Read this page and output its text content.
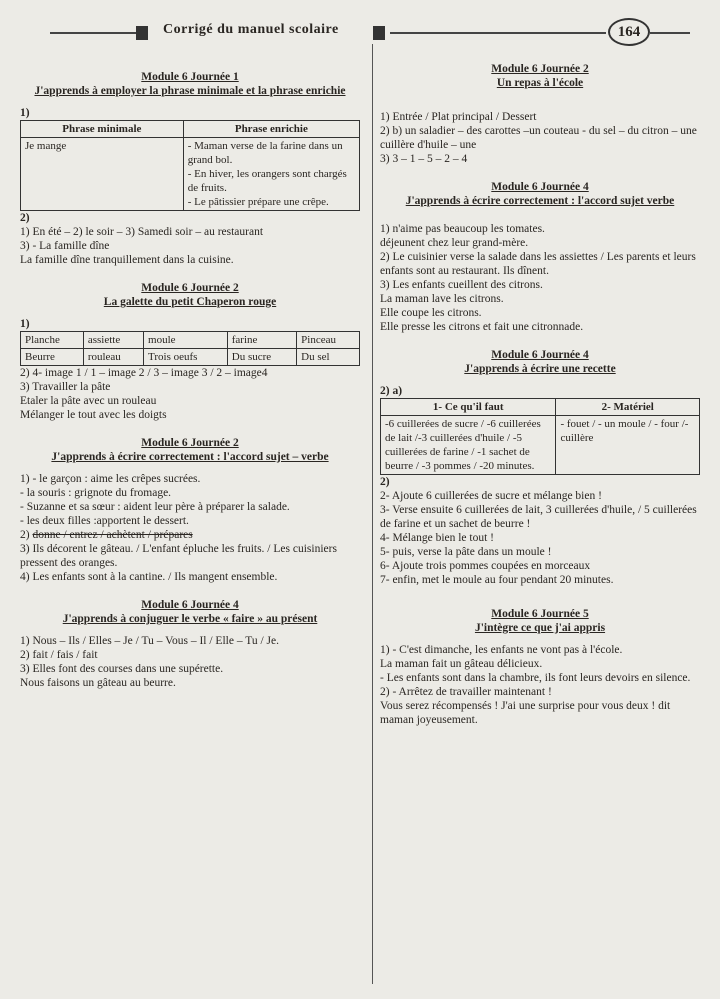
Corrigé du manuel scolaire	164
Module 6 Journée 1
J'apprends à employer la phrase minimale et la phrase enrichie
1)
Phrase minimale	Phrase enrichie
Je mange	- Maman verse de la farine dans un grand bol.
- En hiver, les orangers sont chargés de fruits.
- Le pâtissier prépare une crêpe.
2)
1) En été – 2) le soir – 3) Samedi soir – au restaurant
3) - La famille dîne
La famille dîne tranquillement dans la cuisine.
Module 6 Journée 2
La galette du petit Chaperon rouge
1)
Planche	assiette	moule	farine	Pinceau
Beurre	rouleau	Trois oeufs	Du sucre	Du sel
2) 4- image 1 / 1 – image 2 / 3 – image 3 / 2 – image4
3) Travailler la pâte
Etaler la pâte avec un rouleau
Mélanger le tout avec les doigts
Module 6 Journée 2
J'apprends à écrire correctement : l'accord sujet – verbe
1) - le garçon : aime les crêpes sucrées.
- la souris : grignote du fromage.
- Suzanne et sa sœur : aident leur père à préparer la salade.
- les deux filles :apportent le dessert.
2) donne / entrez / achètent / prépares
3) Ils décorent le gâteau. / L'enfant épluche les fruits. / Les cuisiniers pressent des oranges.
4) Les enfants sont à la cantine. / Ils mangent ensemble.
Module 6 Journée 4
J'apprends à conjuguer le verbe « faire » au présent
1) Nous – Ils / Elles – Je / Tu – Vous – Il / Elle – Tu / Je.
2) fait / fais / fait
3) Elles font des courses dans une supérette.
Nous faisons un gâteau au beurre.
Module 6 Journée 2
Un repas à l'école
1) Entrée / Plat principal / Dessert
2) b) un saladier – des carottes –un couteau - du sel – du citron – une cuillère d'huile – une
3) 3 – 1 – 5 – 2 – 4
Module 6 Journée 4
J'apprends à écrire correctement : l'accord sujet verbe
1) n'aime pas beaucoup les tomates.
déjeunent chez leur grand-mère.
2) Le cuisinier verse la salade dans les assiettes / Les parents et leurs enfants sont au restaurant. Ils dînent.
3) Les enfants cueillent des citrons.
La maman lave les citrons.
Elle coupe les citrons.
Elle presse les citrons et fait une citronnade.
Module 6 Journée 4
J'apprends à écrire une recette
2) a)
1- Ce qu'il faut	2- Matériel
-6 cuillerées de sucre / -6 cuillerées de lait /-3 cuillerées d'huile / -5 cuillerées de farine / -1 sachet de beurre / -3 pommes / -20 minutes.	- fouet / - un moule / - four /- cuillère
2)
2- Ajoute 6 cuillerées de sucre et mélange bien !
3- Verse ensuite 6 cuillerées de lait, 3 cuillerées d'huile, / 5 cuillerées de farine et un sachet de beurre !
4- Mélange bien le tout !
5- puis, verse la pâte dans un moule !
6- Ajoute trois pommes coupées en morceaux
7- enfin, met le moule au four pendant 20 minutes.
Module 6 Journée 5
J'intègre ce que j'ai appris
1) - C'est dimanche, les enfants ne vont pas à l'école.
La maman fait un gâteau délicieux.
- Les enfants sont dans la chambre, ils font leurs devoirs en silence.
2) - Arrêtez de travailler maintenant !
Vous serez récompensés ! J'ai une surprise pour vous deux ! dit maman joyeusement.
